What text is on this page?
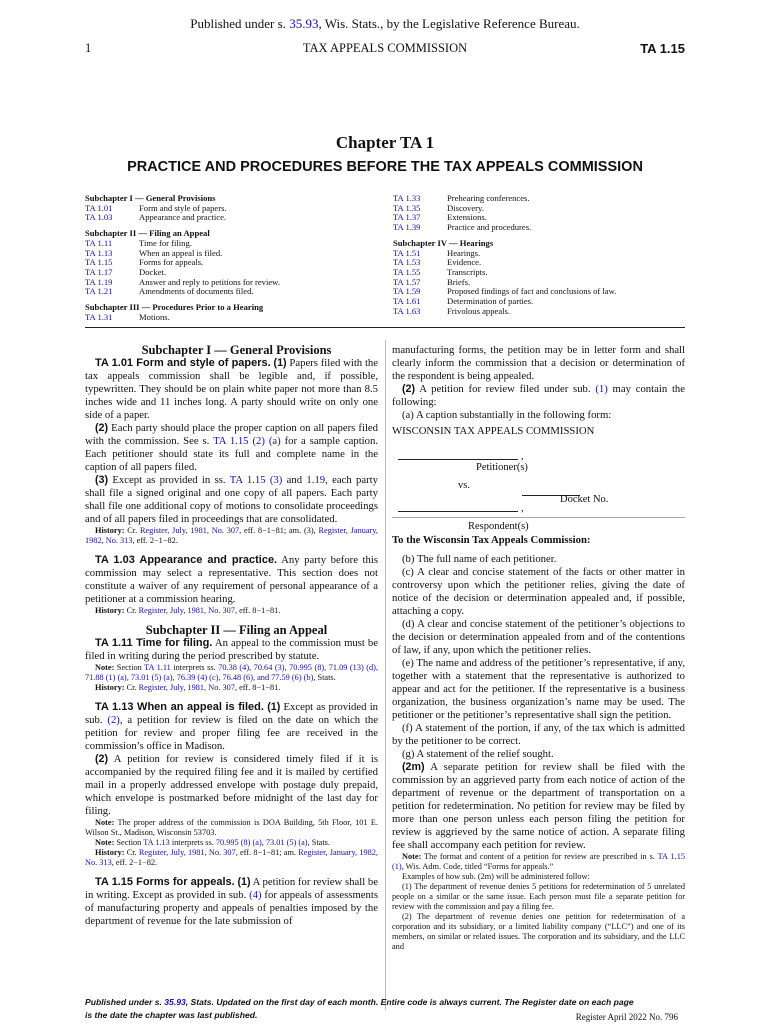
Published under s. 35.93, Wis. Stats., by the Legislative Reference Bureau.
1	TAX APPEALS COMMISSION	TA 1.15
Chapter TA 1
PRACTICE AND PROCEDURES BEFORE THE TAX APPEALS COMMISSION
Subchapter I — General Provisions
TA 1.01	Form and style of papers.
TA 1.03	Appearance and practice.
Subchapter II — Filing an Appeal
TA 1.11	Time for filing.
TA 1.13	When an appeal is filed.
TA 1.15	Forms for appeals.
TA 1.17	Docket.
TA 1.19	Answer and reply to petitions for review.
TA 1.21	Amendments of documents filed.
Subchapter III — Procedures Prior to a Hearing
TA 1.31	Motions.
TA 1.33	Prehearing conferences.
TA 1.35	Discovery.
TA 1.37	Extensions.
TA 1.39	Practice and procedures.
Subchapter IV — Hearings
TA 1.51	Hearings.
TA 1.53	Evidence.
TA 1.55	Transcripts.
TA 1.57	Briefs.
TA 1.59	Proposed findings of fact and conclusions of law.
TA 1.61	Determination of parties.
TA 1.63	Frivolous appeals.

Subchapter I — General Provisions

TA 1.01 Form and style of papers. (1) Papers filed with the tax appeals commission shall be legible and, if possible, typewritten. They should be on plain white paper not more than 8.5 inches wide and 11 inches long. A party should write on only one side of a paper.

(2) Each party should place the proper caption on all papers filed with the commission. See s. TA 1.15 (2) (a) for a sample caption. Each petitioner should state its full and complete name in the caption of all papers filed.

(3) Except as provided in ss. TA 1.15 (3) and 1.19, each party shall file a signed original and one copy of all papers. Each party shall file one additional copy of motions to consolidate proceedings and of all papers filed in proceedings that are consolidated.

History: Cr. Register, July, 1981, No. 307, eff. 8−1−81; am. (3), Register, January, 1982, No. 313, eff. 2−1−82.

TA 1.03 Appearance and practice. Any party before this commission may select a representative. This section does not constitute a waiver of any requirement of personal appearance of a petitioner at a commission hearing.

History: Cr. Register, July, 1981, No. 307, eff. 8−1−81.

Subchapter II — Filing an Appeal

TA 1.11 Time for filing. An appeal to the commission must be filed in writing during the period prescribed by statute.

Note: Section TA 1.11 interprets ss. 70.38 (4), 70.64 (3), 70.995 (8), 71.09 (13) (d), 71.88 (1) (a), 73.01 (5) (a), 76.39 (4) (c), 76.48 (6), and 77.59 (6) (b), Stats.

History: Cr. Register, July, 1981, No. 307, eff. 8−1−81.

TA 1.13 When an appeal is filed. (1) Except as provided in sub. (2), a petition for review is filed on the date on which the petition for review and proper filing fee are received in the commission’s office in Madison.

(2) A petition for review is considered timely filed if it is accompanied by the required filing fee and it is mailed by certified mail in a properly addressed envelope with postage duly prepaid, which envelope is postmarked before midnight of the last day for filing.

Note: The proper address of the commission is DOA Building, 5th Floor, 101 E. Wilson St., Madison, Wisconsin 53703.

Note: Section TA 1.13 interprets ss. 70.995 (8) (a), 73.01 (5) (a), Stats.

History: Cr. Register, July, 1981, No. 307, eff. 8−1−81; am. Register, January, 1982, No. 313, eff. 2−1−82.

TA 1.15 Forms for appeals. (1) A petition for review shall be in writing. Except as provided in sub. (4) for appeals of assessments of manufacturing property and appeals of penalties imposed by the department of revenue for the late submission of

manufacturing forms, the petition may be in letter form and shall clearly inform the commission that a decision or determination of the respondent is being appealed.

(2) A petition for review filed under sub. (1) may contain the following:

(a) A caption substantially in the following form:

WISCONSIN TAX APPEALS COMMISSION

,
Petitioner(s)
vs.
Docket No.
,
Respondent(s)

To the Wisconsin Tax Appeals Commission:

(b) The full name of each petitioner.

(c) A clear and concise statement of the facts or other matter in controversy upon which the petitioner relies, giving the date of notice of the decision or determination appealed and, if possible, attaching a copy.

(d) A clear and concise statement of the petitioner’s objections to the decision or determination appealed from and of the contentions of law, if any, upon which the petitioner relies.

(e) The name and address of the petitioner’s representative, if any, together with a statement that the representative is authorized to appear and act for the petitioner. If the representative is a business organization, the business organization’s name may be used. The petitioner or the petitioner’s representative shall sign the petition.

(f) A statement of the portion, if any, of the tax which is admitted by the petitioner to be correct.

(g) A statement of the relief sought.

(2m) A separate petition for review shall be filed with the commission by an aggrieved party from each notice of action of the department of revenue or the department of transportation on a petition for redetermination. No petition for review may be filed by more than one person unless each person filing the petition for review is aggrieved by the same notice of action. A separate filing fee shall accompany each petition for review.

Note: The format and content of a petition for review are prescribed in s. TA 1.15 (1), Wis. Adm. Code, titled “Forms for appeals.”

Examples of how sub. (2m) will be administered follow:

(1) The department of revenue denies 5 petitions for redetermination of 5 unrelated people on a similar or the same issue. Each person must file a separate petition for review with the commission and pay a filing fee.

(2) The department of revenue denies one petition for redetermination of a corporation and its subsidiary, or a limited liability company (“LLC”) and one of its members, on similar or related issues. The corporation and its subsidiary, and the LLC and

Published under s. 35.93, Stats. Updated on the first day of each month. Entire code is always current. The Register date on each page
is the date the chapter was last published.	Register April 2022 No. 796
